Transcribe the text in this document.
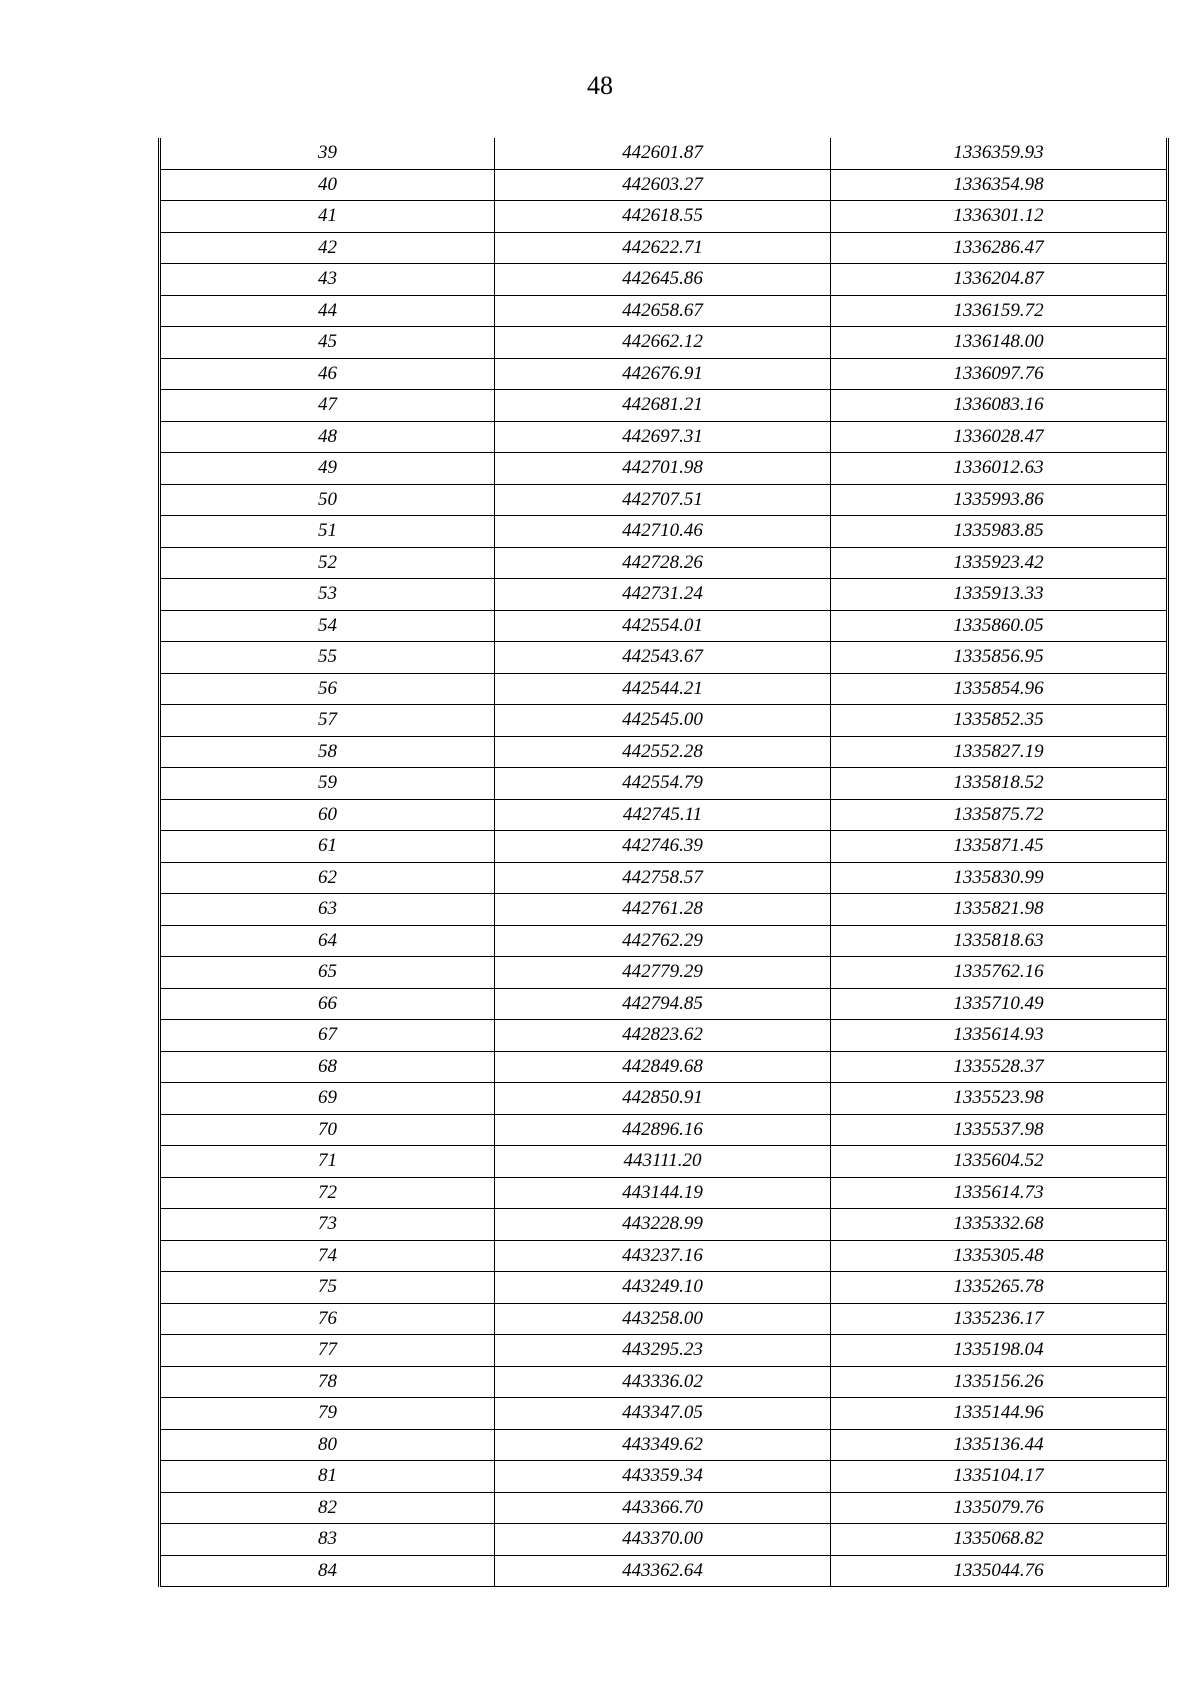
48
39	442601.87	1336359.93
40	442603.27	1336354.98
41	442618.55	1336301.12
42	442622.71	1336286.47
43	442645.86	1336204.87
44	442658.67	1336159.72
45	442662.12	1336148.00
46	442676.91	1336097.76
47	442681.21	1336083.16
48	442697.31	1336028.47
49	442701.98	1336012.63
50	442707.51	1335993.86
51	442710.46	1335983.85
52	442728.26	1335923.42
53	442731.24	1335913.33
54	442554.01	1335860.05
55	442543.67	1335856.95
56	442544.21	1335854.96
57	442545.00	1335852.35
58	442552.28	1335827.19
59	442554.79	1335818.52
60	442745.11	1335875.72
61	442746.39	1335871.45
62	442758.57	1335830.99
63	442761.28	1335821.98
64	442762.29	1335818.63
65	442779.29	1335762.16
66	442794.85	1335710.49
67	442823.62	1335614.93
68	442849.68	1335528.37
69	442850.91	1335523.98
70	442896.16	1335537.98
71	443111.20	1335604.52
72	443144.19	1335614.73
73	443228.99	1335332.68
74	443237.16	1335305.48
75	443249.10	1335265.78
76	443258.00	1335236.17
77	443295.23	1335198.04
78	443336.02	1335156.26
79	443347.05	1335144.96
80	443349.62	1335136.44
81	443359.34	1335104.17
82	443366.70	1335079.76
83	443370.00	1335068.82
84	443362.64	1335044.76
